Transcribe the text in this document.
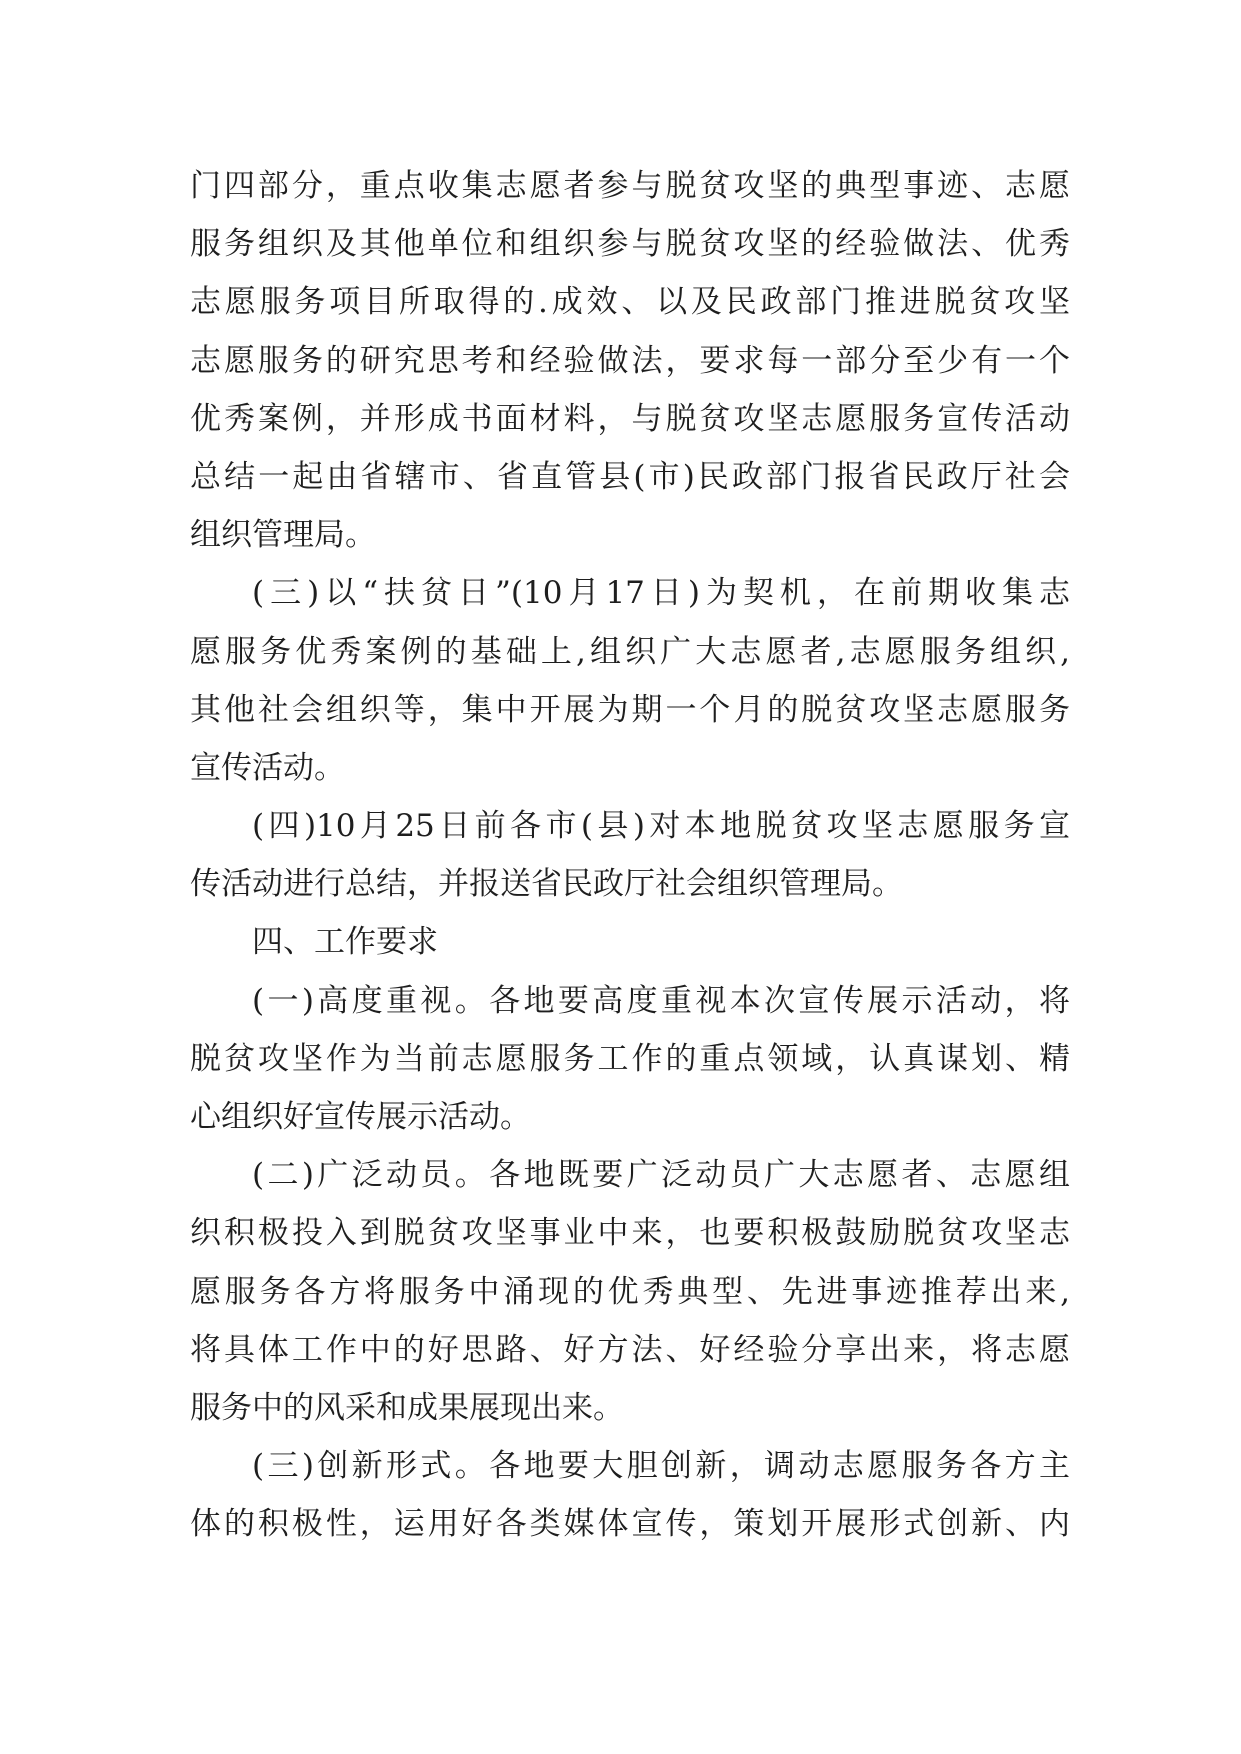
门四部分，重点收集志愿者参与脱贫攻坚的典型事迹、志愿
服务组织及其他单位和组织参与脱贫攻坚的经验做法、优秀
志愿服务项目所取得的.成效、以及民政部门推进脱贫攻坚
志愿服务的研究思考和经验做法，要求每一部分至少有一个
优秀案例，并形成书面材料，与脱贫攻坚志愿服务宣传活动
总结一起由省辖市、省直管县(市)民政部门报省民政厅社会
组织管理局。
(三)以“扶贫日”(10月17日)为契机，在前期收集志
愿服务优秀案例的基础上,组织广大志愿者,志愿服务组织,
其他社会组织等，集中开展为期一个月的脱贫攻坚志愿服务
宣传活动。
(四)10月25日前各市(县)对本地脱贫攻坚志愿服务宣
传活动进行总结，并报送省民政厅社会组织管理局。
四、工作要求
(一)高度重视。各地要高度重视本次宣传展示活动，将
脱贫攻坚作为当前志愿服务工作的重点领域，认真谋划、精
心组织好宣传展示活动。
(二)广泛动员。各地既要广泛动员广大志愿者、志愿组
织积极投入到脱贫攻坚事业中来，也要积极鼓励脱贫攻坚志
愿服务各方将服务中涌现的优秀典型、先进事迹推荐出来,
将具体工作中的好思路、好方法、好经验分享出来，将志愿
服务中的风采和成果展现出来。
(三)创新形式。各地要大胆创新，调动志愿服务各方主
体的积极性，运用好各类媒体宣传，策划开展形式创新、内
